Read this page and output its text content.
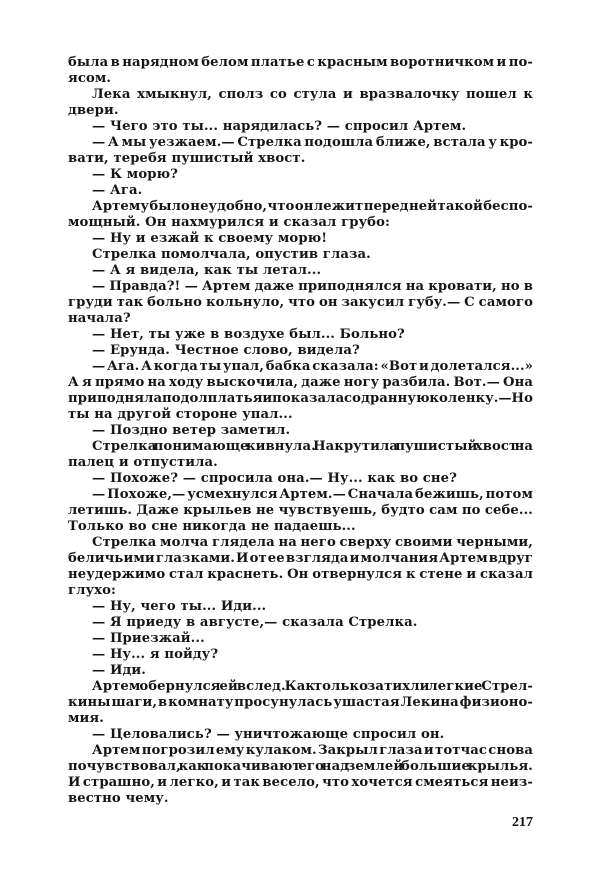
была в нарядном белом платье с красным воротничком и по-
ясом.
Лека хмыкнул, сполз со стула и вразвалочку пошел к
двери.
— Чего это ты... нарядилась? — спросил Артем.
— А мы уезжаем.— Стрелка подошла ближе, встала у кро-
вати, теребя пушистый хвост.
— К морю?
— Ага.
Артему было неудобно, что он лежит перед ней такой беспо-
мощный. Он нахмурился и сказал грубо:
— Ну и езжай к своему морю!
Стрелка помолчала, опустив глаза.
— А я видела, как ты летал...
— Правда?! — Артем даже приподнялся на кровати, но в
груди так больно кольнуло, что он закусил губу.— С самого
начала?
— Нет, ты уже в воздухе был... Больно?
— Ерунда. Честное слово, видела?
— Ага. А когда ты упал, бабка сказала: «Вот и долетался...»
А я прямо на ходу выскочила, даже ногу разбила. Вот.— Она
приподняла подол платья и показала содранную коленку.— Но
ты на другой стороне упал...
— Поздно ветер заметил.
Стрелка понимающе кивнула. Накрутила пушистый хвост на
палец и отпустила.
— Похоже? — спросила она.— Ну... как во сне?
— Похоже,— усмехнулся Артем.— Сначала бежишь, потом
летишь. Даже крыльев не чувствуешь, будто сам по себе...
Только во сне никогда не падаешь...
Стрелка молча глядела на него сверху своими черными,
беличьими глазками. И от ее взгляда и молчания Артем вдруг
неудержимо стал краснеть. Он отвернулся к стене и сказал
глухо:
— Ну, чего ты... Иди...
— Я приеду в августе,— сказала Стрелка.
— Приезжай...
— Ну... я пойду?
— Иди.
Артем обернулся ей вслед. Как только затихли легкие Стрел-
кины шаги, в комнату просунулась ушастая Лекина физионо-
мия.
— Целовались? — уничтожающе спросил он.
Артем погрозил ему кулаком. Закрыл глаза и тотчас снова
почувствовал, как покачивают его над землей большие крылья.
И страшно, и легко, и так весело, что хочется смеяться неиз-
вестно чему.
217
